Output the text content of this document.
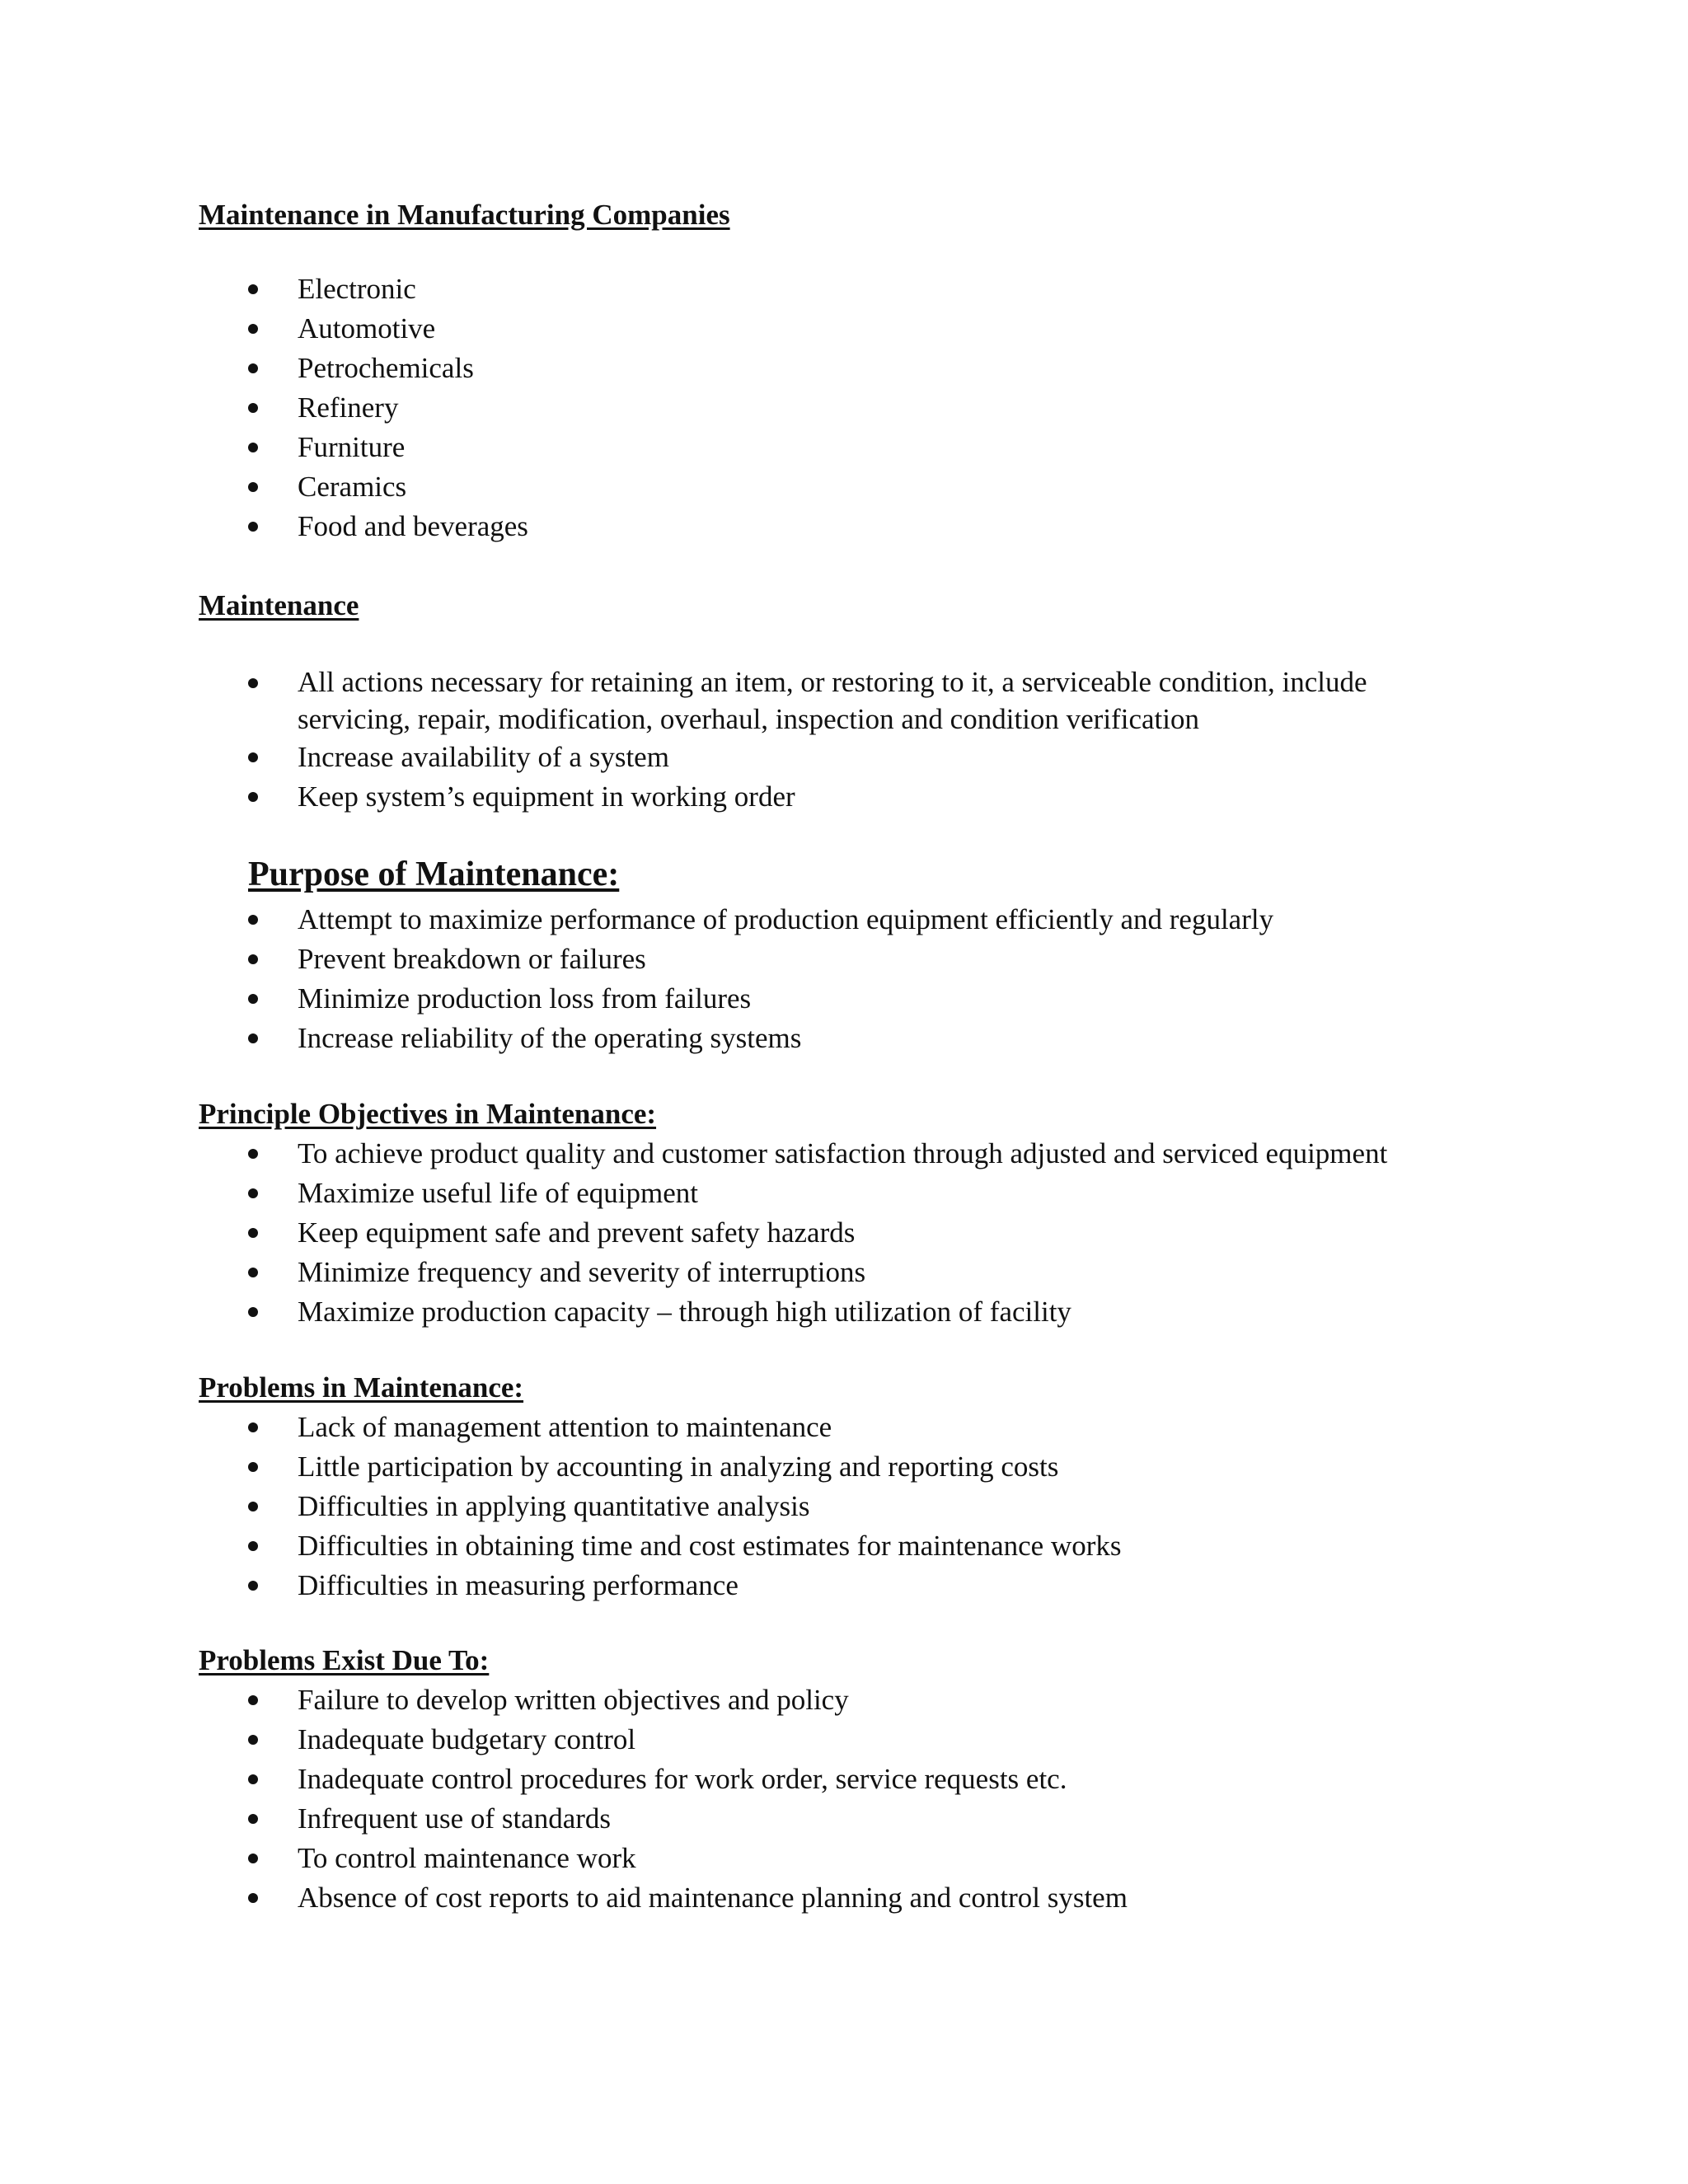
Maintenance in Manufacturing Companies
Electronic
Automotive
Petrochemicals
Refinery
Furniture
Ceramics
Food and beverages
Maintenance
All actions necessary for retaining an item, or restoring to it, a serviceable condition, include servicing, repair, modification, overhaul, inspection and condition verification
Increase availability of a system
Keep system’s equipment in working order
Purpose of Maintenance:
Attempt to maximize performance of production equipment efficiently and regularly
Prevent breakdown or failures
Minimize production loss from failures
Increase reliability of the operating systems
Principle Objectives in Maintenance:
To achieve product quality and customer satisfaction through adjusted and serviced equipment
Maximize useful life of equipment
Keep equipment safe and prevent safety hazards
Minimize frequency and severity of interruptions
Maximize production capacity – through high utilization of facility
Problems in Maintenance:
Lack of management attention to maintenance
Little participation by accounting in analyzing and reporting costs
Difficulties in applying quantitative analysis
Difficulties in obtaining time and cost estimates for maintenance works
Difficulties in measuring performance
Problems Exist Due To:
Failure to develop written objectives and policy
Inadequate budgetary control
Inadequate control procedures for work order, service requests etc.
Infrequent use of standards
To control maintenance work
Absence of cost reports to aid maintenance planning and control system
